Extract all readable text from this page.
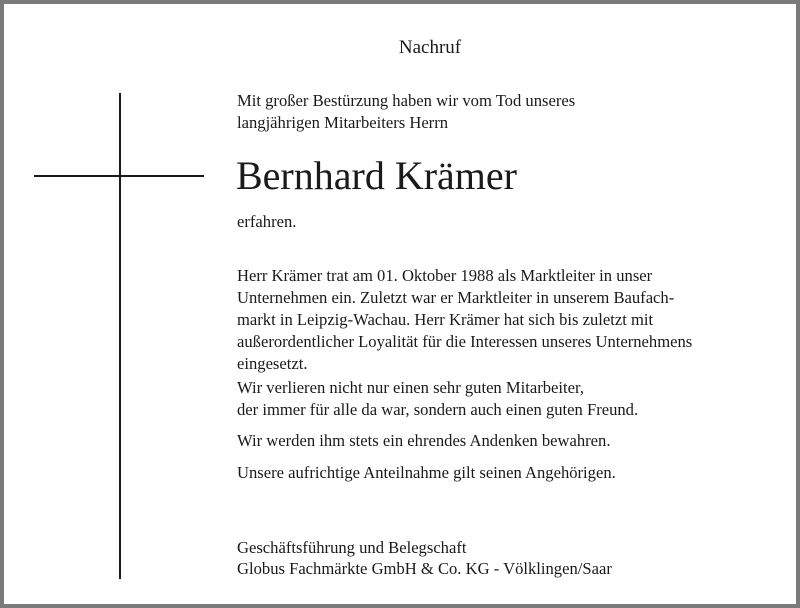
Nachruf
Mit großer Bestürzung haben wir vom Tod unseres
langjährigen Mitarbeiters Herrn
Bernhard Krämer
erfahren.
Herr Krämer trat am 01. Oktober 1988 als Marktleiter in unser
Unternehmen ein. Zuletzt war er Marktleiter in unserem Baufach-
markt in Leipzig-Wachau. Herr Krämer hat sich bis zuletzt mit
außerordentlicher Loyalität für die Interessen unseres Unternehmens
eingesetzt.
Wir verlieren nicht nur einen sehr guten Mitarbeiter,
der immer für alle da war, sondern auch einen guten Freund.
Wir werden ihm stets ein ehrendes Andenken bewahren.
Unsere aufrichtige Anteilnahme gilt seinen Angehörigen.
Geschäftsführung und Belegschaft
Globus Fachmärkte GmbH & Co. KG - Völklingen/Saar
